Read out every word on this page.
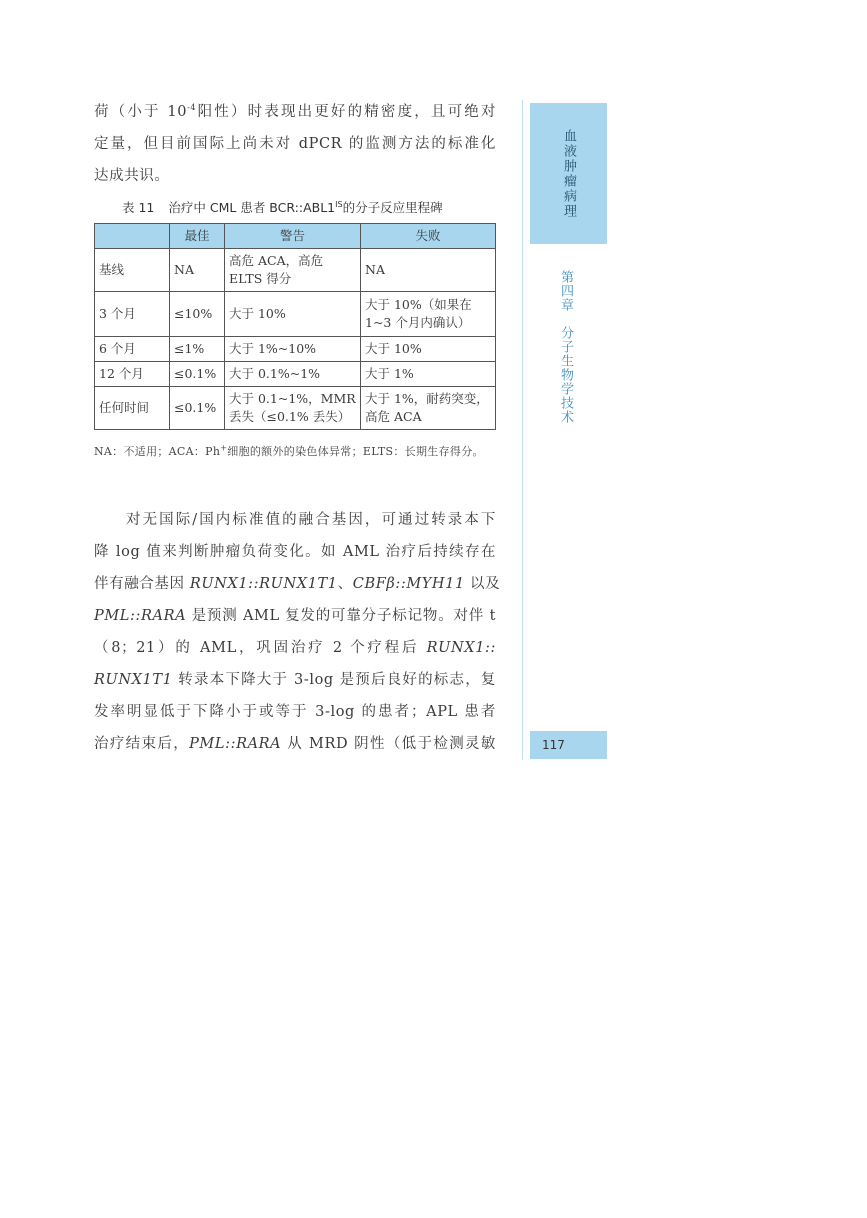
荷（小于 $10^{-4}$阳性）时表现出更好的精密度，且可绝对
定量，但目前国际上尚未对 dPCR 的监测方法的标准化
达成共识。
表 11 治疗中 CML 患者 $BCR::ABL1^{IS}$的分子反应里程碑
	最佳	警告	失败
基线	NA	高危 ACA，高危 ELTS 得分	NA
3 个月	≤10%	大于 10%	大于 10%（如果在 1~3 个月内确认）
6 个月	≤1%	大于 1%~10%	大于 10%
12 个月	≤0.1%	大于 0.1%~1%	大于 1%
任何时间	≤0.1%	大于 0.1~1%，MMR 丢失（≤0.1% 丢失）	大于 1%，耐药突变，高危 ACA
NA：不适用；ACA：Ph+细胞的额外的染色体异常；ELTS：长期生存得分。
对无国际/国内标准值的融合基因，可通过转录本下
降 log 值来判断肿瘤负荷变化。如 AML 治疗后持续存在
伴有融合基因 RUNX1::RUNX1T1、CBFβ::MYH11 以及
PML::RARA 是预测 AML 复发的可靠分子标记物。对伴 t
（8；21）的 AML，巩固治疗 2 个疗程后 RUNX1::
RUNX1T1 转录本下降大于 3-log 是预后良好的标志，复
发率明显低于下降小于或等于 3-log 的患者；APL 患者
治疗结束后，PML::RARA 从 MRD 阴性（低于检测灵敏
血液肿瘤病理
第四章　分子生物学技术
117
